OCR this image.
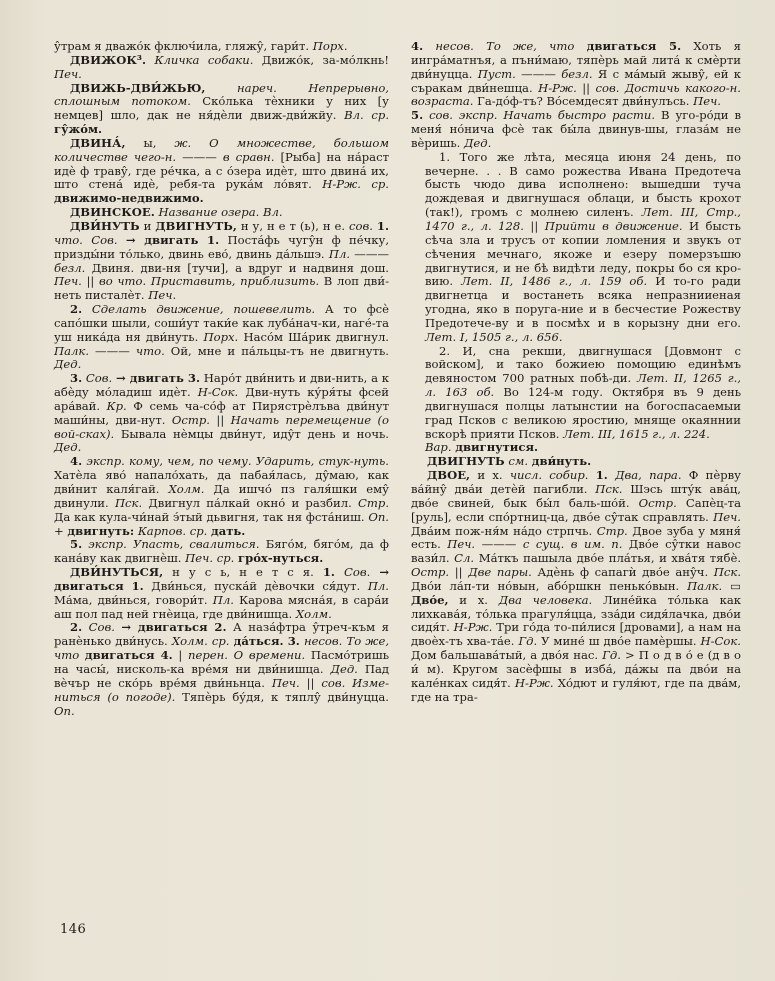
у̂трам я дважо́к фключ́ила, гляжу̂, гари́т. Порх.

ДВИЖОК³. Кличка собаки. Движо́к, за-мо́лкнь! Печ.

ДВИЖЬ-ДВИ́ЖЬЮ,	нареч. Непрерывно, сплошным потоком. Ско́лька тѐхники у них [у немцев] шло, дак не ня́дѐли движ-дви́жйу. Вл. ср. гу̂жо́м.

ДВИНА́, ы, ж. О множестве, большом количестве чего-н. ——— в сравн. [Рыба] на на́раст идѐ ф траву̂, где ре́чка, а с о́зера идѐт, што двина́ их, што стена́ идѐ, ребя-та рука́м ло́вят. Н-Рж. ср. движимо-недвижимо.

ДВИНСКОЕ. Название озера. Вл.

ДВИ́НУТЬ и ДВИГНУТЬ, н у, н е т (ь), н е. сов. 1. что. Сов. → двигать 1. Поста́фь чугу̂н ф пе́чку, призды́ни то́лько, двинь ево́, двинь да́льшэ. Пл. ——— безл. Двиня. дви-ня [тучи], а вдруг и надвиня дош. Печ. || во что. Приставить, приблизить. В лоп дви́-неть писталѐт. Печ.

2. Сделать движение, пошевелить. А то фсѐ сапо́шки шыли, соши́ут таки́е как луба́нач-ки, наге́-та уш ника́да ня дви́нуть. Порх. Насо́м Ша́рик двигнул. Палк. ——— что. Ой, мне и па́льцы-тъ не двигнуть. Дед.

3. Сов. → двигать 3. Наро́т дви́нить и дви-нить, а к абѐду мо́ладиш идѐт. Н-Сок. Дви-нуть ку́ря́ты фсей ара́вай. Кр. Ф семь ча-со́ф ат Пирястрѐлъва дви́нут маши́ны, дви-нут. Остр. || Начать перемещение (о вой-сках). Бывала нѐмцы дви́нут, иду̂т день и ночь. Дед.

4. экспр. кому, чем, по чему. Ударить, стук-нуть. Хатѐла яво́ напало́хать, да пабая́лась, ду̂маю, как дви́нит каля́гай. Холм. Да ишчо́ пз галя́шки ему̂ двинули. Пск. Двигнул па́лкай окно́ и разбил. Стр. Да как кула-чи́най э́тый дьвигня, так ня фста́ниш. Оп. + двигнуть: Карпов. ср. дать.

5. экспр. Упасть, свалиться. Бяго́м, бяго́м, да ф кана́ву как двигнѐш. Печ. ср. гро́х-нуться.

ДВИ́НУТЬСЯ, н у с ь, н е т с я. 1. Сов. → двигаться 1. Дви́нься, пуска́й дѐвочки ся́дут. Пл. Ма́ма, дви́нься, говори́т. Пл. Карова мясна́я, в сара́и аш пол пад ней гнѐица, где дви́нишца. Холм.

2. Сов. → двигаться 2. А наза́фтра у̂треч-към я ранѐнько дви́нусь. Холм. ср. да́ться. 3. несов. То же, что двигаться 4. | перен. О времени. Пасмо́тришь на часы́, нисколь-ка вре́мя ни дви́нишца. Дед. Пад вѐчър не ско́рь вре́мя дви́ньнца. Печ. || сов. Изме-ниться (о погоде). Тяпѐрь бу́дя, к тяплу̂ дви́нуцца. Оп.

4. несов. То же, что двигаться 5. Хоть я ингра́матнъя, а пъни́маю, тяпѐрь май лита́ к смѐрти дви́нуцца. Пуст. ——— безл. Я с ма́мый жыву̂, ей к съракам дви́нешца. Н-Рж. || сов. Достичь какого-н. возраста. Га-до́ф-тъ? Во́семдесят дви́нулъсь. Печ.

5. сов. экспр. Начать быстро расти. В уго-ро́ди в меня́ но́нича фсѐ так бы́ла двинув-шы, глаза́м не вѐришь. Дед.

1. Того же лѣта, месяца июня 24 день, по вечерне. . . В само рожества Ивана Предотеча бысть чюдо дива исполнено: вышедши туча дождевая и двигнушася облаци, и бысть крохот (так!), громъ с молнею силенъ. Лет. III, Стр., 1470 г., л. 128. || Прийти в движение. И бысть сѣча зла и трусъ от копии ломления и звукъ от сѣчения мечнаго, якоже и езеру померзъшю двигнутися, и не бѣ видѣти леду, покры бо ся кро-вию. Лет. II, 1486 г., л. 159 об. И то-го ради двигнетца и востанеть всяка непразнииеная угодна, яко в поруга-ние и в бесчестие Рожеству Предотече-ву и в посмѣх и в корызну дни его. Лет. I, 1505 г., л. 656.

2. И, сна рекши, двигнушася [Довмонт с войском], и тако божиею помощию единѣмъ девяностом 700 ратных побѣ-ди. Лет. II, 1265 г., л. 163 об. Во 124-м году. Октября въ 9 день двигнушася полцы латынстии на богоспасаемыи град Псков с великою яростию, мняще окаяннии вскорѣ прияти Псков. Лет. III, 1615 г., л. 224.

Вар. двигнутися.

ДВИГНУТЬ см. дви́нуть.

ДВОЕ, и х. числ. собир. 1. Два, пара. Ф пѐрву ва́йну̂ два́и детѐй пагибли. Пск. Шэсь шту́к ава́ц, дво́е свиней, бык бы́л баль-шо́й. Остр. Сапѐц-та [руль], если спо́ртниц-ца, дво́е су̂так справлять. Печ. Два́им пож-ня́м на́до стрпчь. Стр. Двое зуба у мяня́ есть. Печ. ——— с сущ. в им. п. Дво́е су̂тки навос вази́л. Сл. Ма́ткъ пашыла дво́е пла́тья, и хва́тя тябѐ. Остр. || Две пары. Адѐнь ф сапагѝ дво́е ану̂ч. Пск. Дво́и ла́п-ти но́вын, або́ршкн пенько́вын. Палк. ▭ Дво́е, и х. Два человека. Лине́йка то́лька как лихкава́я, то́лька прагуля́цца, зза́ди сидя́лачка, дво́и сидя́т. Н-Рж. Три го́да то-пи́лися [дровами], а нам на двоѐх-тъ хва-та́е. Гд. У мине́ ш дво́е памѐршы. Н-Сок. Дом бальшава́тый, а дво́я нас. Гд. > П о д в о́ е (д в о и́ м). Кругом засѐфшы в изба́, да́жы па дво́и на кале́нках сидя́т. Н-Рж. Хо́дют и гуля́ют, где па два́м, где на тра-

146
